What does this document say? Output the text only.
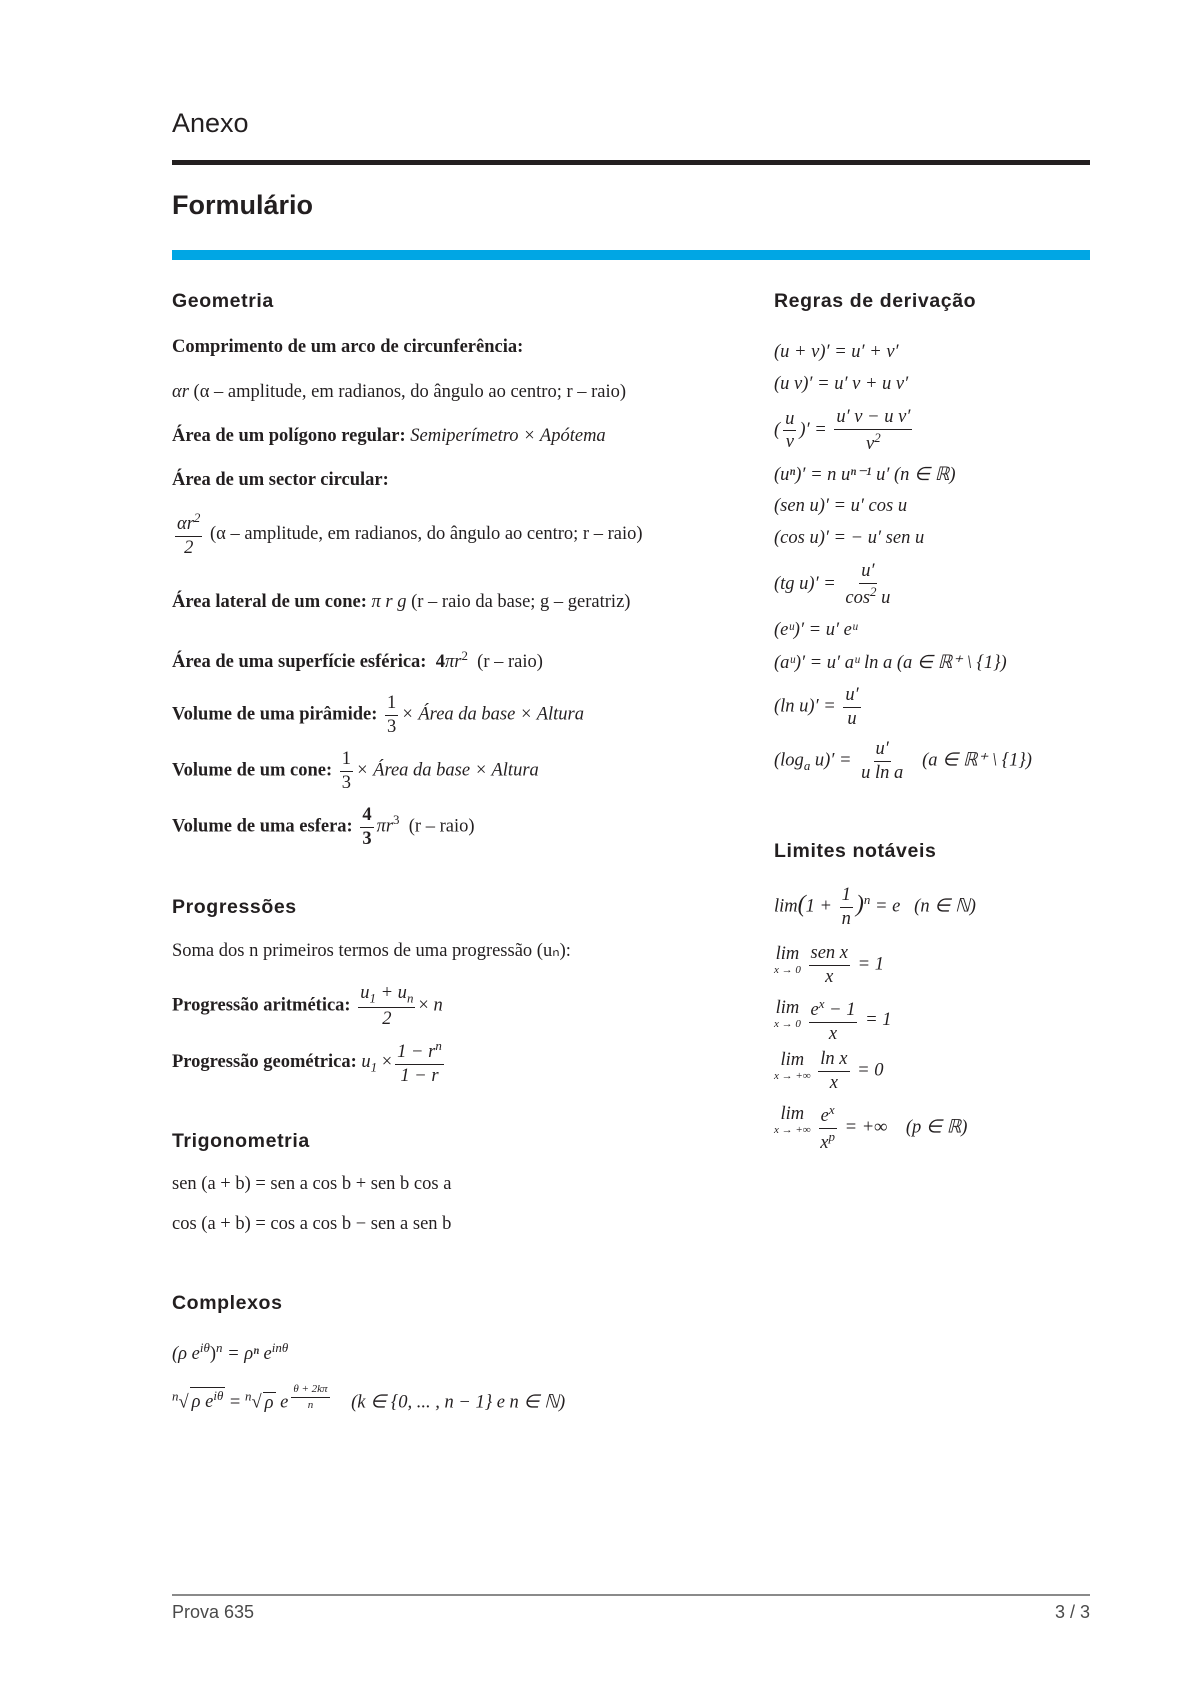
Anexo
Formulário
Geometria
Comprimento de um arco de circunferência:
αr (α – amplitude, em radianos, do ângulo ao centro; r – raio)
Área de um polígono regular: Semiperímetro × Apótema
Área de um sector circular:
$\frac{\alpha r^2}{2} (\alpha$ – amplitude, em radianos, do ângulo ao centro; r – raio)
Área lateral de um cone: π r g (r – raio da base; g – geratriz)
Área de uma superfície esférica: $4\pi r^2$ (r – raio)
Volume de uma pirâmide: $\frac{1}{3}$ × Área da base × Altura
Volume de um cone: $\frac{1}{3}$ × Área da base × Altura
Volume de uma esfera: $\frac{4}{3} \pi r^3$ (r – raio)
Progressões
Soma dos n primeiros termos de uma progressão (uₙ):
Progressão aritmética: $\frac{u_1 + u_n}{2} \times n$
Progressão geométrica: $u_1 \times \frac{1 - r^n}{1 - r}$
Trigonometria
sen (a + b) = sen a cos b + sen b cos a
cos (a + b) = cos a cos b − sen a sen b
Complexos
(ρ $e^{i\theta})^n = \rho^n$ $e^{in\theta}$
$^n$√ ρ $e^{i\theta} = ^n√$ ρ e $^{\frac{\theta + 2k\pi}{n}}$ (k ∈ {0, ... , n − 1} e n ∈ ℕ)
Regras de derivação
(u + v)′ = u′ + v′
(u v)′ = u′ v + u v′
( $\frac{u}{v}$ )′ = $\frac{\text{u′ v − u v′}}{v^2}$
(uⁿ)′ = n uⁿ⁻¹ u′ (n ∈ ℝ)
(sen u)′ = u′ cos u
(cos u)′ = − u′ sen u
(tg $u)' = \frac{u'}{\cos^2 u}$
(eᵘ)′ = u′ eᵘ
(aᵘ)′ = u′ aᵘ ln a (a ∈ ℝ⁺ \ {1})
(ln $u)' = \frac{u'}{u}$
($\log_a$ $u)' = \frac{u'}{\text{u ln a}} (a$ ∈ ℝ⁺ \ {1})
Limites notáveis
$\lim(1 + \frac{1}{n} )^n = e$   (n ∈ ℕ)
lim
x → 0
$\frac{\text{sen x}}{x} = 1$
lim
x → 0
$\frac{e^x - 1}{x} = 1$
lim
x → +∞
$\frac{\text{ln x}}{x} = 0$
lim
x → +∞
$\frac{e^x}{x^p}$ = +∞    (p ∈ ℝ)
Prova 635	3 / 3
